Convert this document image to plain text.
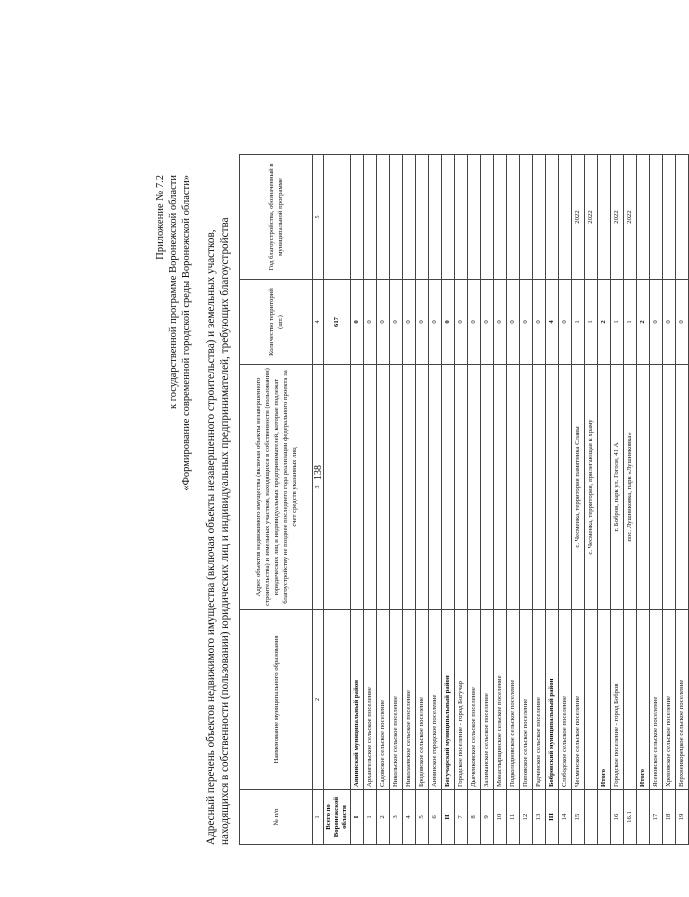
138
Приложение № 7.2 к государственной программе Воронежской области «Формирование современной городской среды Воронежской области» Адресный перечень объектов недвижимого имущества (включая объекты незавершенного строительства) и земельных участков, находящихся в собственности (пользовании) юридических лиц и индивидуальных предпринимателей, требующих благоустройства	№ п/п	Наименование муниципального образования	Адрес объектов недвижимого имущества (включая объекты незавершенного строительства) и земельных участков, находящихся в собственности (пользовании) юридических лиц и индивидуальных предпринимателей, которые подлежат благоустройству не позднее последнего года реализации федерального проекта за счет средств указанных лиц	Количество территорий (шт.)	Год благоустройства, обозначенный в муниципальной программе
1	2	3	4	5
Всего по Воронежской области			617	
I	Аннинский муниципальный район		0	
1	Архангельское сельское поселение		0	
2	Садовское сельское поселение		0	
3	Никольское сельское поселение		0	
4	Николаевское сельское поселение		0	
5	Бродовское сельское поселение		0	
6	Аннинское городское поселение		0	
II	Богучарский муниципальный район		0	
7	Городское поселение - город Богучар		0	
8	Дьяченковское сельское поселение		0	
9	Залиманское сельское поселение		0	
10	Монастырщинское сельское поселение		0	
11	Подколодновское сельское поселение		0	
12	Поповское сельское поселение		0	
13	Радченское сельское поселение		0	
III	Бобровский муниципальный район		4	
14	Слободское сельское поселение		0	
15	Чесменское сельское поселение	с. Чесменка, территория памятника Славы	1	2022
		с. Чесменка, территория, прилегающая к храму	1	2022
	Итого		2	
16	Городское поселение - город Бобров	г. Бобров, парк ул. Гоголя, 41 А	1	2022
16.1		пос. Лушниковка, парк «Лушниковка»	1	2022
	Итого		2	
17	Ясеновское сельское поселение		0	
18	Хреновское сельское поселение		0	
19	Верхнеикорецкое сельское поселение		0	
